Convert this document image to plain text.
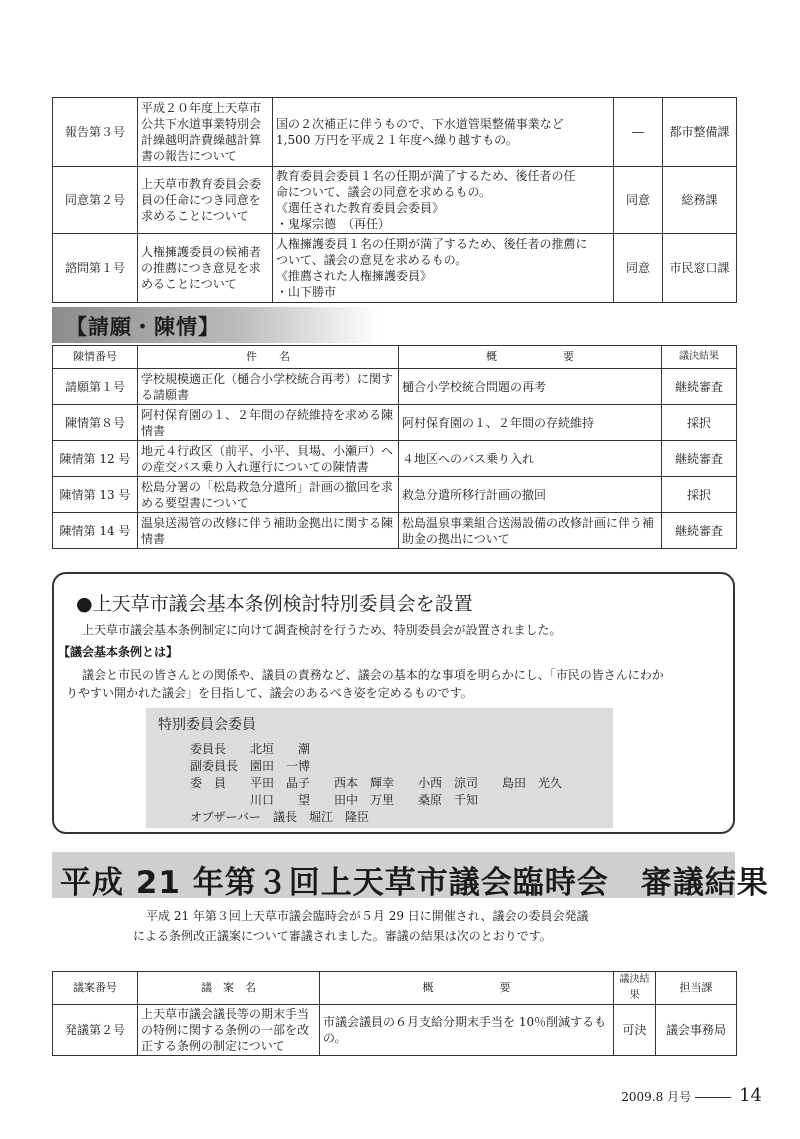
報告第３号	平成２０年度上天草市公共下水道事業特別会計繰越明許費繰越計算書の報告について	国の２次補正に伴うもので、下水道管渠整備事業など
1,500 万円を平成２１年度へ繰り越すもの。	―	都市整備課
同意第２号	上天草市教育委員会委員の任命につき同意を求めることについて	教育委員会委員１名の任期が満了するため、後任者の任
命について、議会の同意を求めるもの。
《選任された教育委員会委員》
・鬼塚宗德　（再任）	同意	総務課
諮問第１号	人権擁護委員の候補者の推薦につき意見を求めることについて	人権擁護委員１名の任期が満了するため、後任者の推薦に
ついて、議会の意見を求めるもの。
《推薦された人権擁護委員》
・山下勝市	同意	市民窓口課
【請願・陳情】
陳情番号	件　　名	概　　　　　　要	議決結果
請願第１号	学校規模適正化（樋合小学校統合再考）に関する請願書	樋合小学校統合問題の再考	継続審査
陳情第８号	阿村保育園の１、２年間の存続維持を求める陳情書	阿村保育園の１、２年間の存続維持	採択
陳情第 12 号	地元４行政区（前平、小平、貝場、小瀬戸）への産交バス乗り入れ運行についての陳情書	４地区へのバス乗り入れ	継続審査
陳情第 13 号	松島分署の「松島救急分遣所」計画の撤回を求める要望書について	救急分遣所移行計画の撤回	採択
陳情第 14 号	温泉送湯管の改修に伴う補助金拠出に関する陳情書	松島温泉事業組合送湯設備の改修計画に伴う補助金の拠出について	継続審査
●上天草市議会基本条例検討特別委員会を設置
上天草市議会基本条例制定に向けて調査検討を行うため、特別委員会が設置されました。
【議会基本条例とは】
議会と市民の皆さんとの関係や、議員の責務など、議会の基本的な事項を明らかにし、「市民の皆さんにわか
りやすい開かれた議会」を目指して、議会のあるべき姿を定めるものです。
特別委員会委員
委員長　　北垣　　潮
副委員長　園田　一博
委　員　　平田　晶子　　西本　輝幸　　小西　涼司　　島田　光久
　　　　　川口　　望　　田中　万里　　桑原　千知
オブザーバー　議長　堀江　隆臣
平成 21 年第３回上天草市議会臨時会　審議結果
平成 21 年第３回上天草市議会臨時会が５月 29 日に開催され、議会の委員会発議
による条例改正議案について審議されました。審議の結果は次のとおりです。
議案番号	議　案　名	概　　　　　　要	議決結果	担当課
発議第２号	上天草市議会議長等の期末手当の特例に関する条例の一部を改正する条例の制定について	市議会議員の６月支給分期末手当を 10％削減するもの。	可決	議会事務局
2009.8 月号	14
